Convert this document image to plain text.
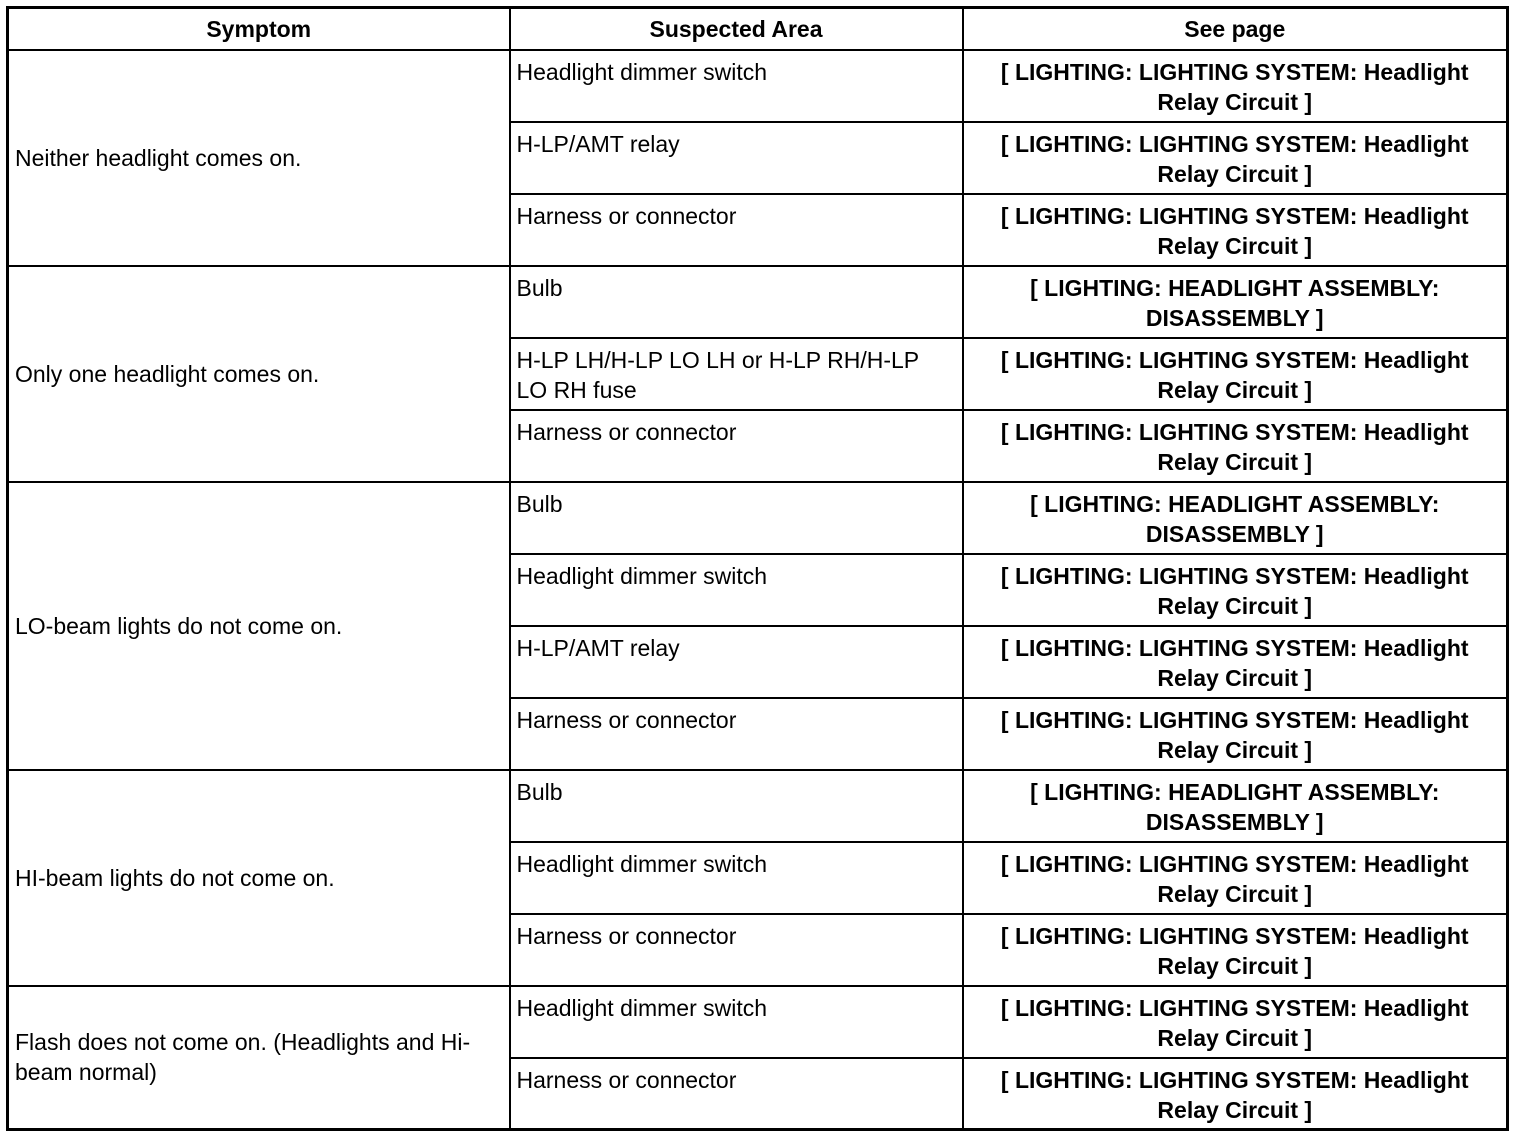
Symptom	Suspected Area	See page
Neither headlight comes on.	Headlight dimmer switch	[ LIGHTING: LIGHTING SYSTEM: Headlight Relay Circuit ]
	H-LP/AMT relay	[ LIGHTING: LIGHTING SYSTEM: Headlight Relay Circuit ]
	Harness or connector	[ LIGHTING: LIGHTING SYSTEM: Headlight Relay Circuit ]
Only one headlight comes on.	Bulb	[ LIGHTING: HEADLIGHT ASSEMBLY: DISASSEMBLY ]
	H-LP LH/H-LP LO LH or H-LP RH/H-LP LO RH fuse	[ LIGHTING: LIGHTING SYSTEM: Headlight Relay Circuit ]
	Harness or connector	[ LIGHTING: LIGHTING SYSTEM: Headlight Relay Circuit ]
LO-beam lights do not come on.	Bulb	[ LIGHTING: HEADLIGHT ASSEMBLY: DISASSEMBLY ]
	Headlight dimmer switch	[ LIGHTING: LIGHTING SYSTEM: Headlight Relay Circuit ]
	H-LP/AMT relay	[ LIGHTING: LIGHTING SYSTEM: Headlight Relay Circuit ]
	Harness or connector	[ LIGHTING: LIGHTING SYSTEM: Headlight Relay Circuit ]
HI-beam lights do not come on.	Bulb	[ LIGHTING: HEADLIGHT ASSEMBLY: DISASSEMBLY ]
	Headlight dimmer switch	[ LIGHTING: LIGHTING SYSTEM: Headlight Relay Circuit ]
	Harness or connector	[ LIGHTING: LIGHTING SYSTEM: Headlight Relay Circuit ]
Flash does not come on. (Headlights and Hi-beam normal)	Headlight dimmer switch	[ LIGHTING: LIGHTING SYSTEM: Headlight Relay Circuit ]
	Harness or connector	[ LIGHTING: LIGHTING SYSTEM: Headlight Relay Circuit ]
